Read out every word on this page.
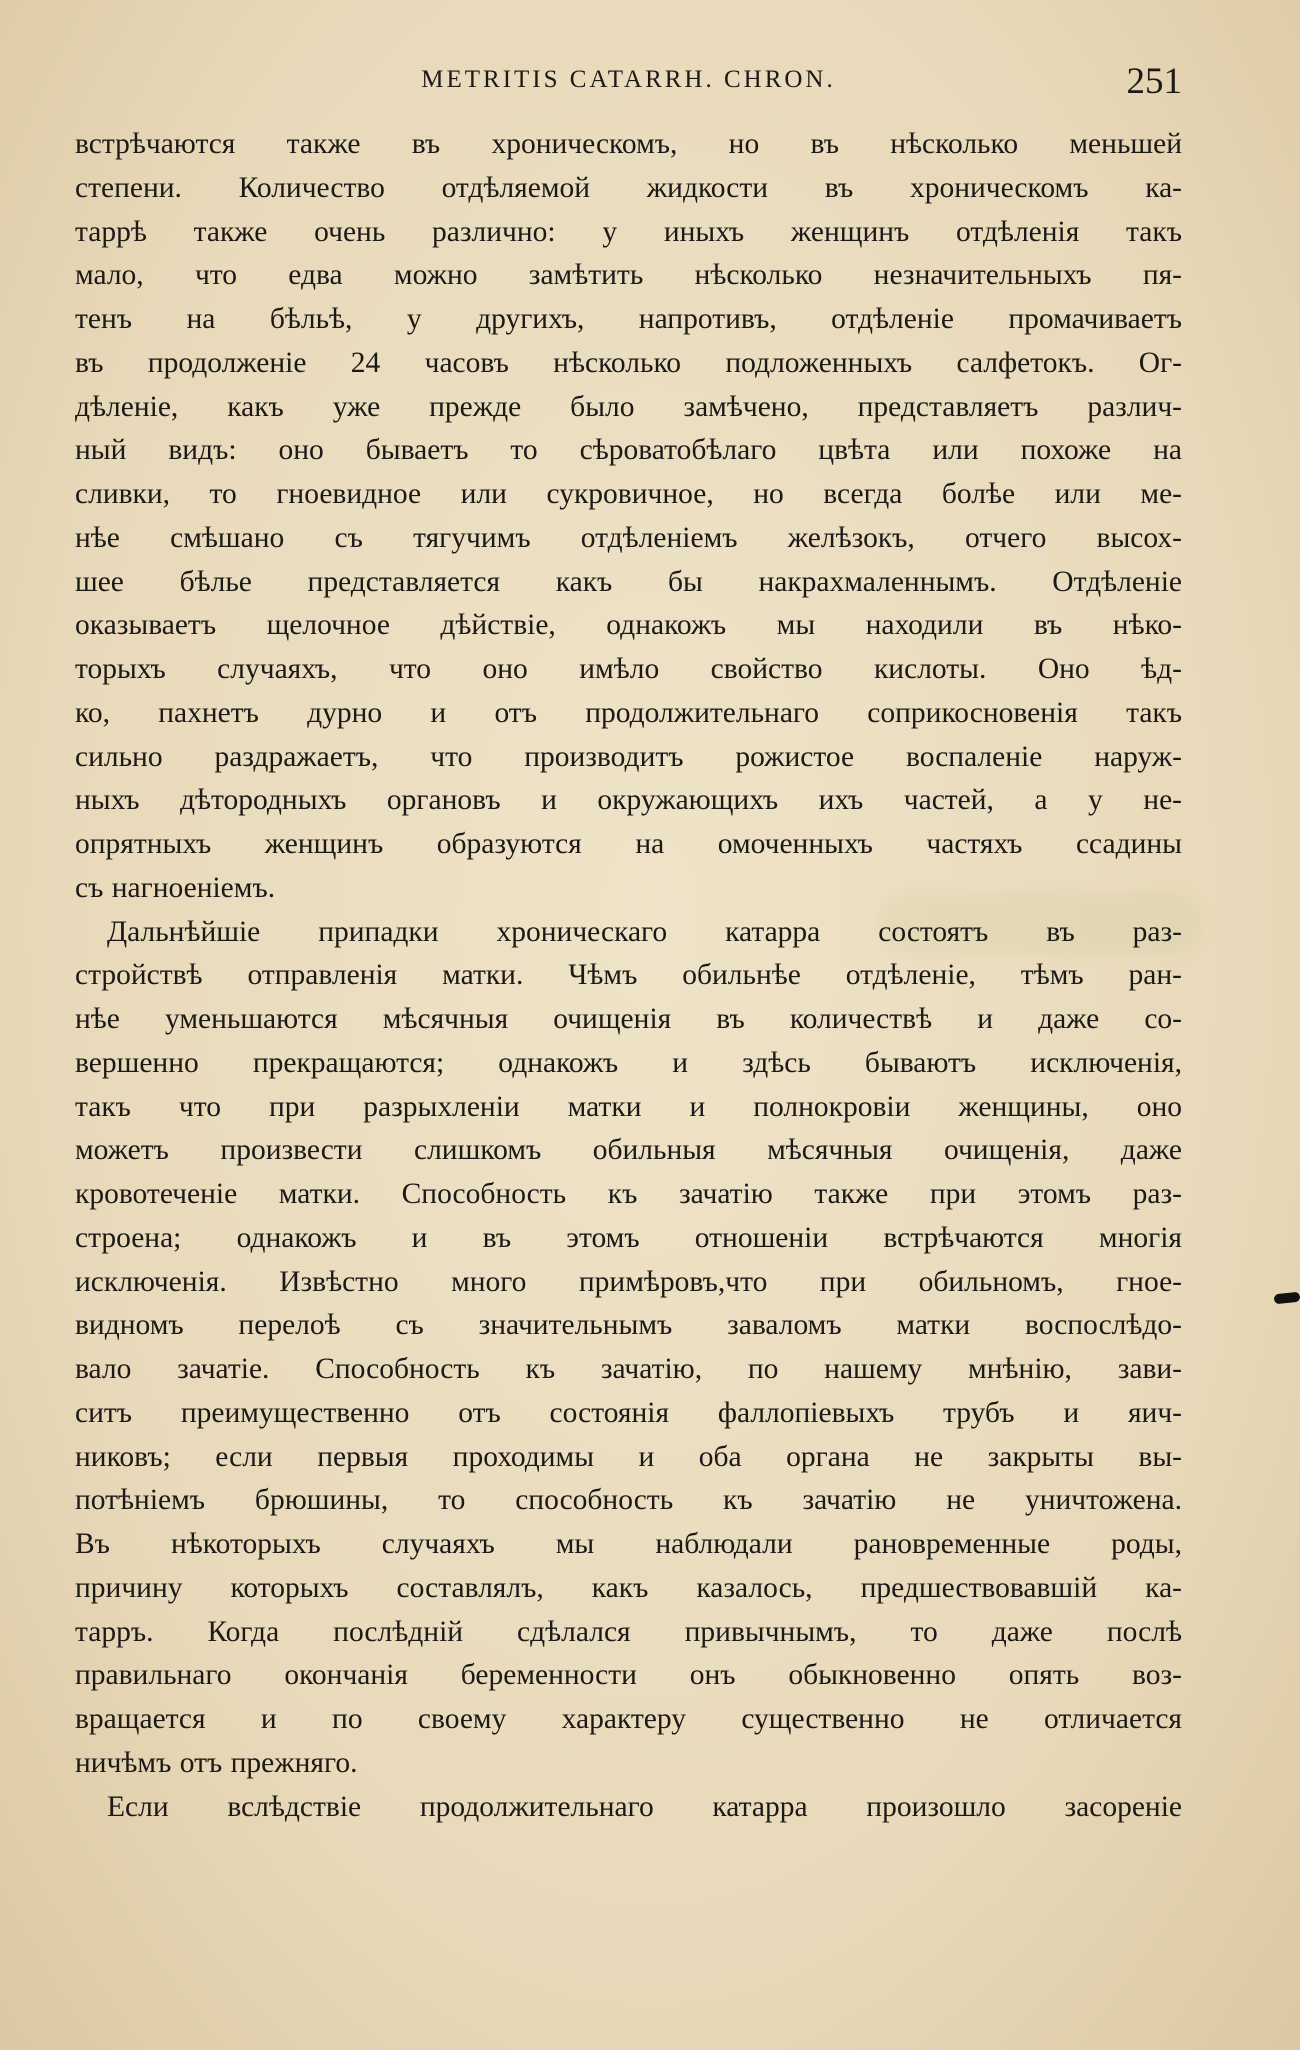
METRITIS CATARRH. CHRON.	251

встрѣчаются также въ хроническомъ, но въ нѣсколько меньшей
степени. Количество отдѣляемой жидкости въ хроническомъ ка-
таррѣ также очень различно: у иныхъ женщинъ отдѣленія такъ
мало, что едва можно замѣтить нѣсколько незначительныхъ пя-
тенъ на бѣльѣ, у другихъ, напротивъ, отдѣленіе промачиваетъ
въ продолженіе 24 часовъ нѣсколько подложенныхъ салфетокъ. Ог-
дѣленіе, какъ уже прежде было замѣчено, представляетъ различ-
ный видъ: оно бываетъ то сѣроватобѣлаго цвѣта или похоже на
сливки, то гноевидное или сукровичное, но всегда болѣе или ме-
нѣе смѣшано съ тягучимъ отдѣленіемъ желѣзокъ, отчего высох-
шее бѣлье представляется какъ бы накрахмаленнымъ. Отдѣленіе
оказываетъ щелочное дѣйствіе, однакожъ мы находили въ нѣко-
торыхъ случаяхъ, что оно имѣло свойство кислоты. Оно ѣд-
ко, пахнетъ дурно и отъ продолжительнаго соприкосновенія такъ
сильно раздражаетъ, что производитъ рожистое воспаленіе наруж-
ныхъ дѣтородныхъ органовъ и окружающихъ ихъ частей, а у не-
опрятныхъ женщинъ образуются на омоченныхъ частяхъ ссадины
съ нагноеніемъ.

Дальнѣйшіе припадки хроническаго катарра состоятъ въ раз-
стройствѣ отправленія матки. Чѣмъ обильнѣе отдѣленіе, тѣмъ ран-
нѣе уменьшаются мѣсячныя очищенія въ количествѣ и даже со-
вершенно прекращаются; однакожъ и здѣсь бываютъ исключенія,
такъ что при разрыхленіи матки и полнокровіи женщины, оно
можетъ произвести слишкомъ обильныя мѣсячныя очищенія, даже
кровотеченіе матки. Способность къ зачатію также при этомъ раз-
строена; однакожъ и въ этомъ отношеніи встрѣчаются многія
исключенія. Извѣстно много примѣровъ,что при обильномъ, гное-
видномъ перелоѣ съ значительнымъ заваломъ матки воспослѣдо-
вало зачатіе. Способность къ зачатію, по нашему мнѣнію, зави-
ситъ преимущественно отъ состоянія фаллопіевыхъ трубъ и яич-
никовъ; если первыя проходимы и оба органа не закрыты вы-
потѣніемъ брюшины, то способность къ зачатію не уничтожена.
Въ нѣкоторыхъ случаяхъ мы наблюдали рановременные роды,
причину которыхъ составлялъ, какъ казалось, предшествовавшій ка-
тарръ. Когда послѣдній сдѣлался привычнымъ, то даже послѣ
правильнаго окончанія беременности онъ обыкновенно опять воз-
вращается и по своему характеру существенно не отличается
ничѣмъ отъ прежняго.

Если вслѣдствіе продолжительнаго катарра произошло засореніе
